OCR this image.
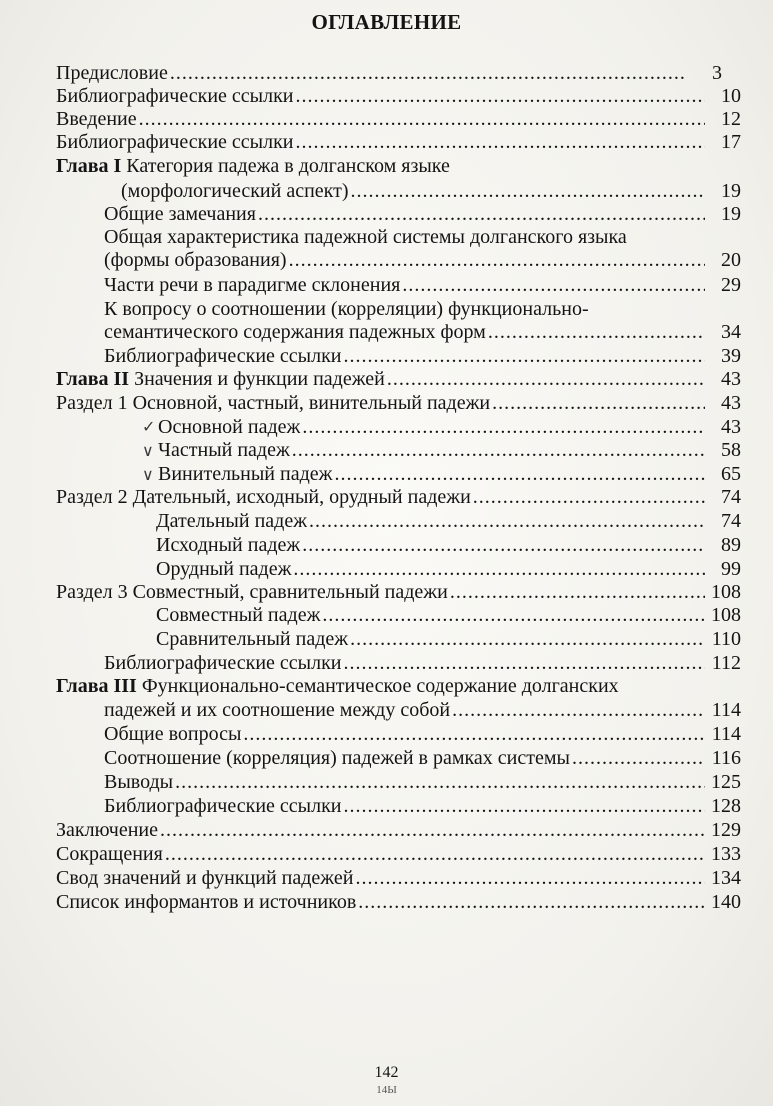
ОГЛАВЛЕНИЕ
Предисловие .....	3
Библиографические ссылки .....	10
Введение .....	12
Библиографические ссылки .....	17
Глава I Категория падежа в долганском языке
(морфологический аспект) .....	19
Общие замечания .....	19
Общая характеристика падежной системы долганского языка
(формы образования) .....	20
Части речи в парадигме склонения .....	29
К вопросу о соотношении (корреляции) функционально-
семантического содержания падежных форм .....	34
Библиографические ссылки .....	39
Глава II Значения и функции падежей .....	43
Раздел 1 Основной, частный, винительный падежи .....	43
✓ Основной падеж .....	43
∨ Частный падеж .....	58
∨ Винительный падеж .....	65
Раздел 2 Дательный, исходный, орудный падежи .....	74
Дательный падеж .....	74
Исходный падеж .....	89
Орудный падеж .....	99
Раздел 3 Совместный, сравнительный падежи .....	108
Совместный падеж .....	108
Сравнительный падеж .....	110
Библиографические ссылки .....	112
Глава III Функционально-семантическое содержание долганских
падежей и их соотношение между собой .....	114
Общие вопросы .....	114
Соотношение (корреляция) падежей в рамках системы .....	116
Выводы .....	125
Библиографические ссылки .....	128
Заключение .....	129
Сокращения .....	133
Свод значений и функций падежей .....	134
Список информантов и источников .....	140
142
14Ы
